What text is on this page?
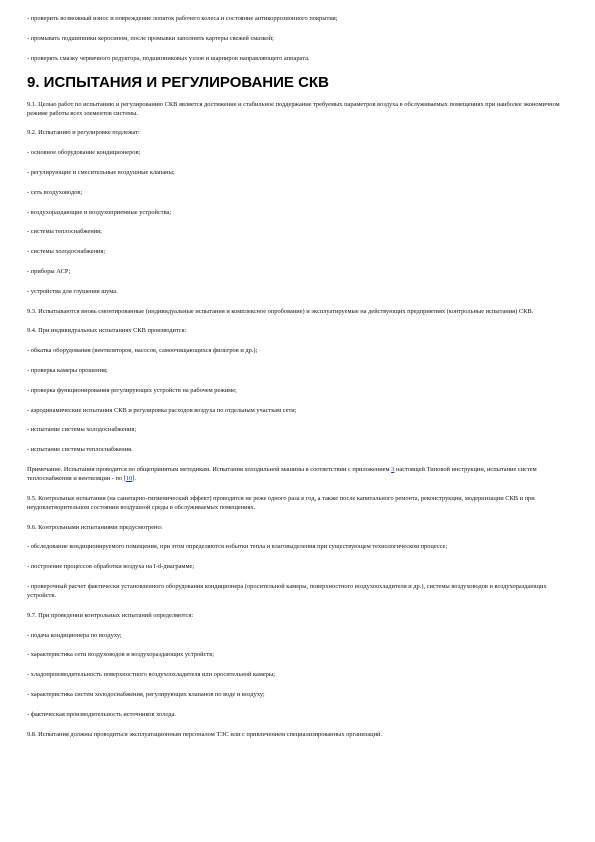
- проверить возможный износ и повреждение лопаток рабочего колеса и состояние антикоррозионного покрытия;

- промывать подшипники керосином, после промывки заполнить картеры свежей смазкой;

- проверять смазку червячного редуктора, подшипниковых узлов и шарниров направляющего аппарата.

9. ИСПЫТАНИЯ И РЕГУЛИРОВАНИЕ СКВ

9.1. Целью работ по испытанию и регулированию СКВ является достижение и стабильное поддержание требуемых параметров воздуха в обслуживаемых помещениях при наиболее экономичном режиме работы всех элементов системы.

9.2. Испытанию и регулировке подлежат:

- основное оборудование кондиционеров;

- регулирующие и смесительные воздушные клапаны;

- сеть воздуховодов;

- воздухораздающие и воздухоприемные устройства;

- системы теплоснабжения;

- системы холодоснабжения;

- приборы АСР;

- устройства для глушения шума.

9.3. Испытываются вновь смонтированные (индивидуальные испытания и комплексное опробование) и эксплуатируемые на действующих предприятиях (контрольные испытания) СКВ.

9.4. При индивидуальных испытаниях СКВ производится:

- обкатка оборудования (вентиляторов, насосов, самоочищающихся фильтров и др.);

- проверка камеры орошения;

- проверка функционирования регулирующих устройств на рабочем режиме;

- аэродинамические испытания СКВ и регулировка расходов воздуха по отдельным участкам сети;

- испытание системы холодоснабжения;

- испытание системы теплоснабжения.

Примечание. Испытания проводятся по общепринятым методикам. Испытания холодильной машины в соответствии с приложением 3 настоящей Типовой инструкции, испытание систем теплоснабжения и вентиляции - по [10].

9.5. Контрольные испытания (на санитарно-гигиенический эффект) проводятся не реже одного раза в год, а также после капитального ремонта, реконструкции, модернизации СКВ и при неудовлетворительном состоянии воздушной среды в обслуживаемых помещениях.

9.6. Контрольными испытаниями предусмотрено:

- обследование кондиционируемого помещения, при этом определяются избытки тепла и влаговыделения при существующем технологическом процессе;

- построение процессов обработки воздуха на I-d-диаграмме;

- проверочный расчет фактически установленного оборудования кондиционера (оросительной камеры, поверхностного воздухоохладителя и др.), системы воздуховодов и воздухораздающих устройств.

9.7. При проведении контрольных испытаний определяются:

- подача кондиционера по воздуху;

- характеристика сети воздуховодов и воздухораздающих устройств;

- хладопроизводительность поверхностного воздухоохладителя или оросительной камеры;

- характеристика систем холодоснабжения, регулирующих клапанов по воде и воздуху;

- фактическая производительность источников холода.

9.8. Испытания должны проводиться эксплуатационным персоналом ТЭС или с привлечением специализированных организаций.
